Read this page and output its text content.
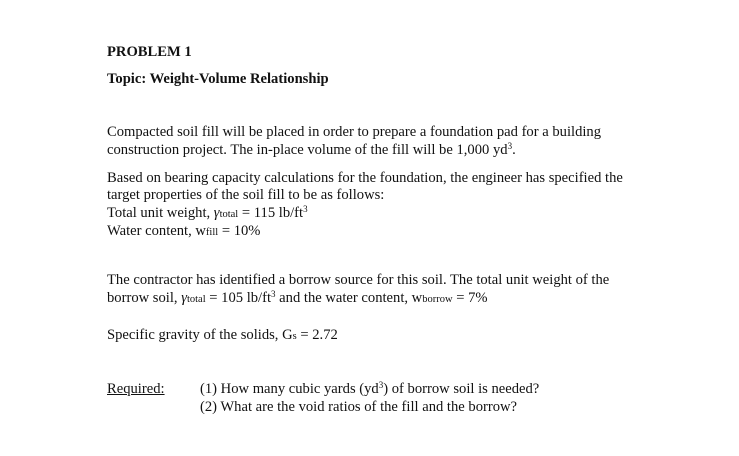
PROBLEM 1
Topic: Weight-Volume Relationship
Compacted soil fill will be placed in order to prepare a foundation pad for a building
construction project. The in-place volume of the fill will be 1,000 $yd^3$.
Based on bearing capacity calculations for the foundation, the engineer has specified the
target properties of the soil fill to be as follows:
Total unit weight, γtotal = 115 $lb/ft^3$
Water content, wfill = 10%
The contractor has identified a borrow source for this soil. The total unit weight of the
borrow soil, γtotal = 105 $lb/ft^3$ and the water content, wborrow = 7%
Specific gravity of the solids, Gs = 2.72
Required: (1) How many cubic yards $(yd^3)$ of borrow soil is needed?
(2) What are the void ratios of the fill and the borrow?
